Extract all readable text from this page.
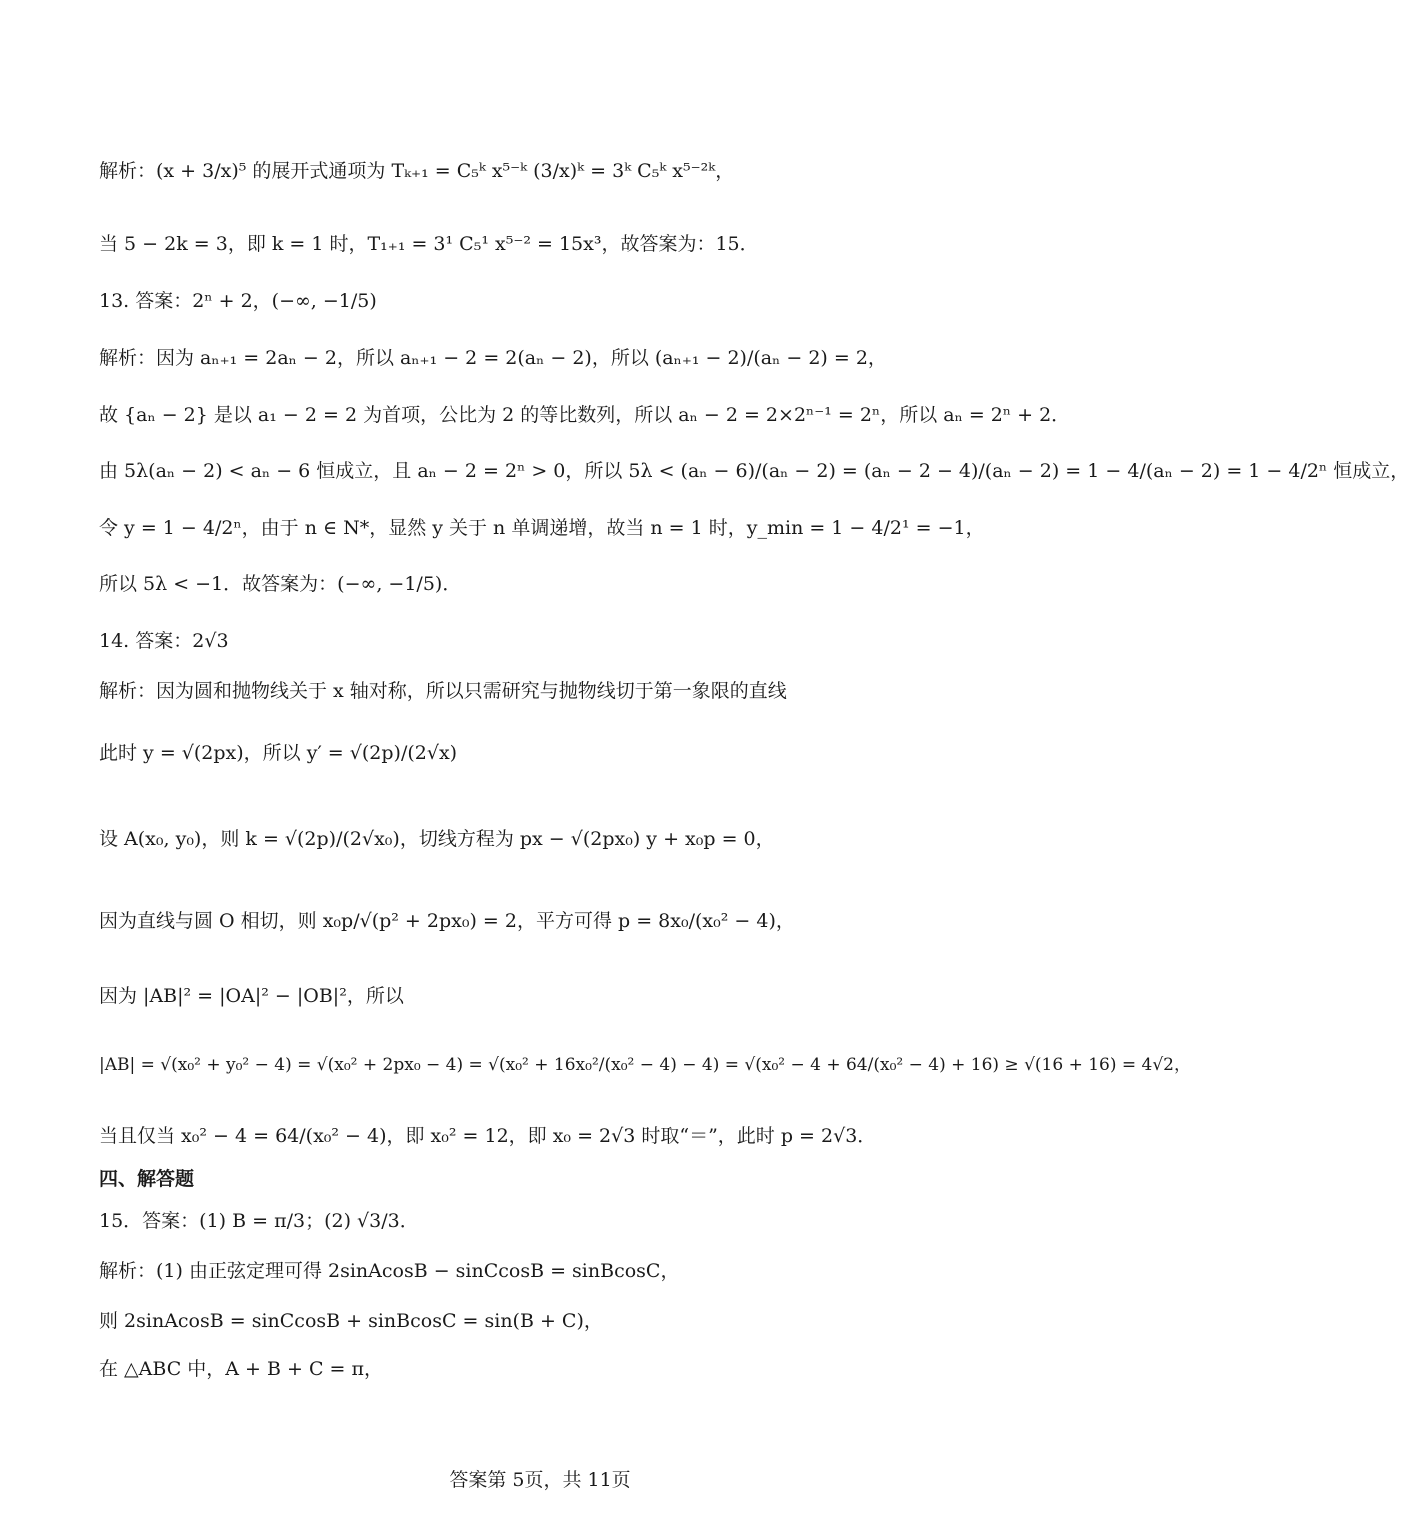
解析：(x + 3/x)⁵ 的展开式通项为 Tₖ₊₁ = C₅ᵏ x⁵⁻ᵏ (3/x)ᵏ = 3ᵏ C₅ᵏ x⁵⁻²ᵏ，
当 5 − 2k = 3，即 k = 1 时，T₁₊₁ = 3¹ C₅¹ x⁵⁻² = 15x³，故答案为：15．
13. 答案：2ⁿ + 2，(−∞, −1/5)
解析：因为 aₙ₊₁ = 2aₙ − 2，所以 aₙ₊₁ − 2 = 2(aₙ − 2)，所以 (aₙ₊₁ − 2)/(aₙ − 2) = 2，
故 {aₙ − 2} 是以 a₁ − 2 = 2 为首项，公比为 2 的等比数列，所以 aₙ − 2 = 2×2ⁿ⁻¹ = 2ⁿ，所以 aₙ = 2ⁿ + 2．
由 5λ(aₙ − 2) < aₙ − 6 恒成立，且 aₙ − 2 = 2ⁿ > 0，所以 5λ < (aₙ − 6)/(aₙ − 2) = (aₙ − 2 − 4)/(aₙ − 2) = 1 − 4/(aₙ − 2) = 1 − 4/2ⁿ 恒成立，
令 y = 1 − 4/2ⁿ，由于 n ∈ N*，显然 y 关于 n 单调递增，故当 n = 1 时，y_min = 1 − 4/2¹ = −1，
所以 5λ < −1．故答案为：(−∞, −1/5)．
14. 答案：2√3
解析：因为圆和抛物线关于 x 轴对称，所以只需研究与抛物线切于第一象限的直线
此时 y = √(2px)，所以 y′ = √(2p)/(2√x)
设 A(x₀, y₀)，则 k = √(2p)/(2√x₀)，切线方程为 px − √(2px₀) y + x₀p = 0，
因为直线与圆 O 相切，则 x₀p/√(p² + 2px₀) = 2，平方可得 p = 8x₀/(x₀² − 4)，
因为 |AB|² = |OA|² − |OB|²，所以
|AB| = √(x₀² + y₀² − 4) = √(x₀² + 2px₀ − 4) = √(x₀² + 16x₀²/(x₀² − 4) − 4) = √(x₀² − 4 + 64/(x₀² − 4) + 16) ≥ √(16 + 16) = 4√2，
当且仅当 x₀² − 4 = 64/(x₀² − 4)，即 x₀² = 12，即 x₀ = 2√3 时取“＝”，此时 p = 2√3．
四、解答题
15．答案：(1) B = π/3；(2) √3/3．
解析：(1) 由正弦定理可得 2sinAcosB − sinCcosB = sinBcosC，
则 2sinAcosB = sinCcosB + sinBcosC = sin(B + C)，
在 △ABC 中，A + B + C = π，
答案第 5页，共 11页
